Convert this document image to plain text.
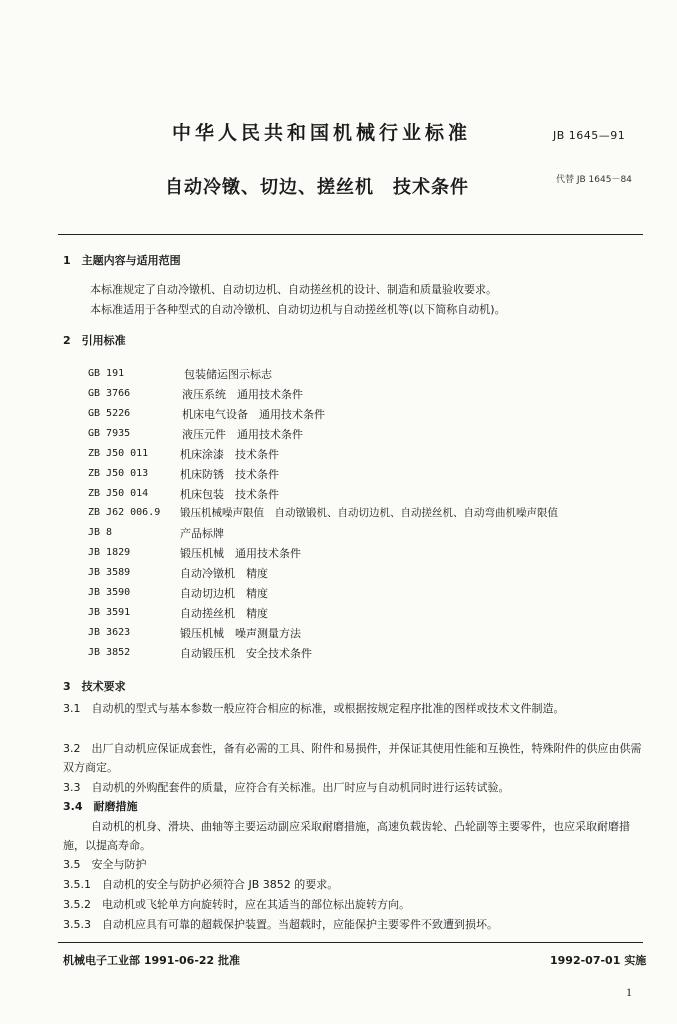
中华人民共和国机械行业标准	JB 1645—91
自动冷镦、切边、搓丝机　技术条件	代替 JB 1645－84
1　主题内容与适用范围
本标准规定了自动冷镦机、自动切边机、自动搓丝机的设计、制造和质量验收要求。
本标准适用于各种型式的自动冷镦机、自动切边机与自动搓丝机等(以下简称自动机)。
2　引用标准
GB 191	包装储运图示标志
GB 3766	液压系统　通用技术条件
GB 5226	机床电气设备　通用技术条件
GB 7935	液压元件　通用技术条件
ZB J50 011	机床涂漆　技术条件
ZB J50 013	机床防锈　技术条件
ZB J50 014	机床包装　技术条件
ZB J62 006.9 锻压机械噪声限值　自动镦锻机、自动切边机、自动搓丝机、自动弯曲机噪声限值
JB 8	产品标牌
JB 1829	锻压机械　通用技术条件
JB 3589	自动冷镦机　精度
JB 3590	自动切边机　精度
JB 3591	自动搓丝机　精度
JB 3623	锻压机械　噪声测量方法
JB 3852	自动锻压机　安全技术条件
3　技术要求
3.1　自动机的型式与基本参数一般应符合相应的标准，或根据按规定程序批准的图样或技术文件制造。
3.2　出厂自动机应保证成套性，备有必需的工具、附件和易损件，并保证其使用性能和互换性，特殊附件的供应由供需双方商定。
3.3　自动机的外购配套件的质量，应符合有关标准。出厂时应与自动机同时进行运转试验。
3.4　耐磨措施
自动机的机身、滑块、曲轴等主要运动副应采取耐磨措施，高速负载齿轮、凸轮副等主要零件，也应采取耐磨措施，以提高寿命。
3.5　安全与防护
3.5.1　自动机的安全与防护必须符合 JB 3852 的要求。
3.5.2　电动机或飞轮单方向旋转时，应在其适当的部位标出旋转方向。
3.5.3　自动机应具有可靠的超载保护装置。当超载时，应能保护主要零件不致遭到损坏。
机械电子工业部 1991-06-22 批准	1992-07-01 实施
1
